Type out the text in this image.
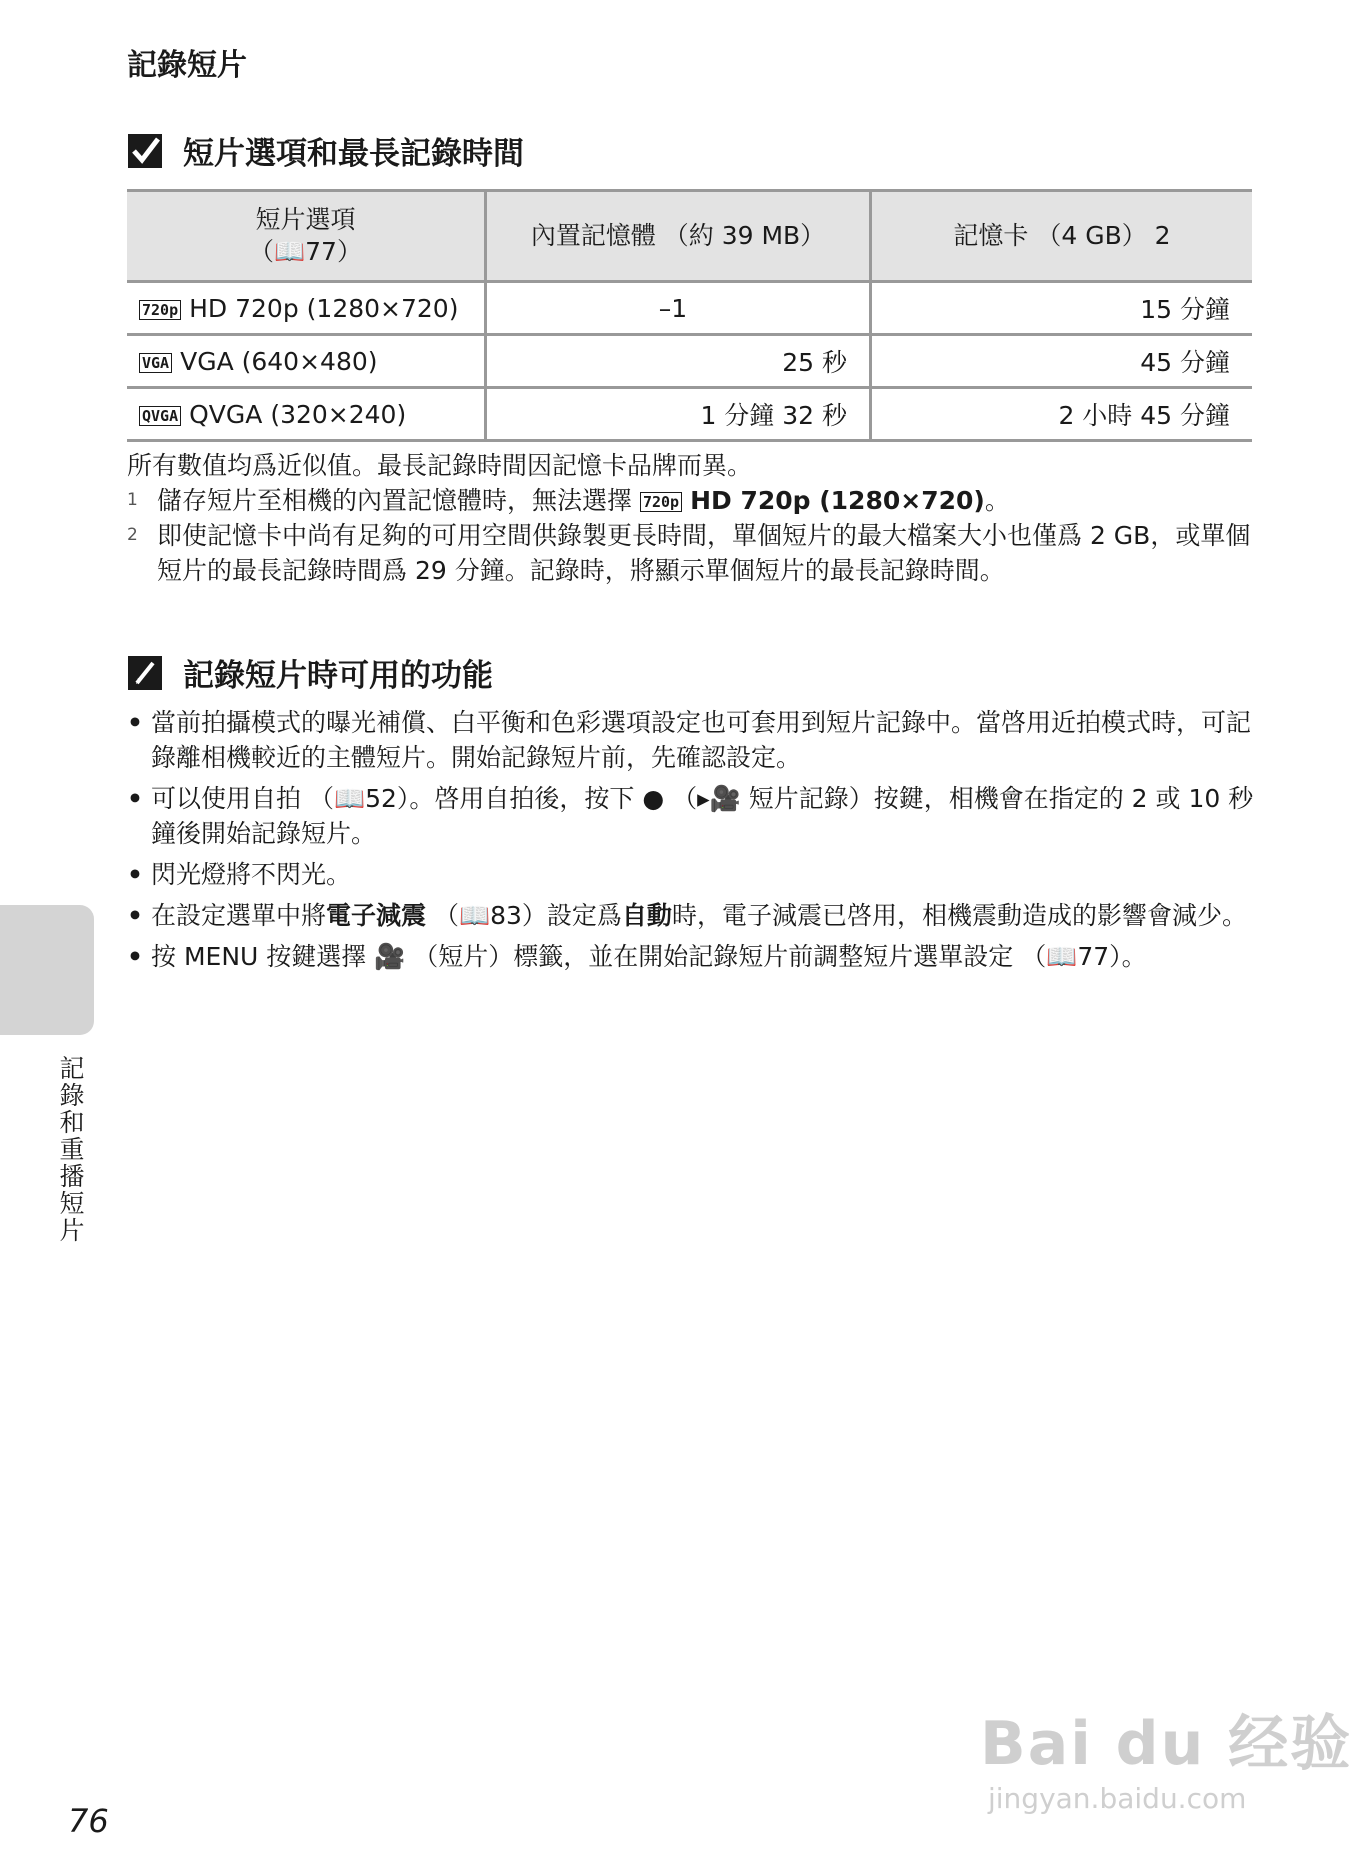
記錄短片
短片選項和最長記錄時間
短片選項
（📖77）	內置記憶體 （約 39 MB）	記憶卡 （4 GB） 2
720p HD 720p (1280×720)	–1	15 分鐘
VGA VGA (640×480)	25 秒	45 分鐘
QVGA QVGA (320×240)	1 分鐘 32 秒	2 小時 45 分鐘
所有數值均爲近似值。最長記錄時間因記憶卡品牌而異。
1 儲存短片至相機的內置記憶體時，無法選擇 720p HD 720p (1280×720)。
2 即使記憶卡中尚有足夠的可用空間供錄製更長時間，單個短片的最大檔案大小也僅爲 2 GB，或單個短片的最長記錄時間爲 29 分鐘。記錄時，將顯示單個短片的最長記錄時間。
記錄短片時可用的功能
• 當前拍攝模式的曝光補償、白平衡和色彩選項設定也可套用到短片記錄中。當啓用近拍模式時，可記錄離相機較近的主體短片。開始記錄短片前，先確認設定。
• 可以使用自拍 （📖52）。啓用自拍後，按下 ● （▸🎥 短片記錄）按鍵，相機會在指定的 2 或 10 秒鐘後開始記錄短片。
• 閃光燈將不閃光。
• 在設定選單中將電子減震 （📖83）設定爲自動時，電子減震已啓用，相機震動造成的影響會減少。
• 按 MENU 按鍵選擇 🎥 （短片）標籤，並在開始記錄短片前調整短片選單設定 （📖77）。
記錄和重播短片
76
Bai du 经验
jingyan.baidu.com
